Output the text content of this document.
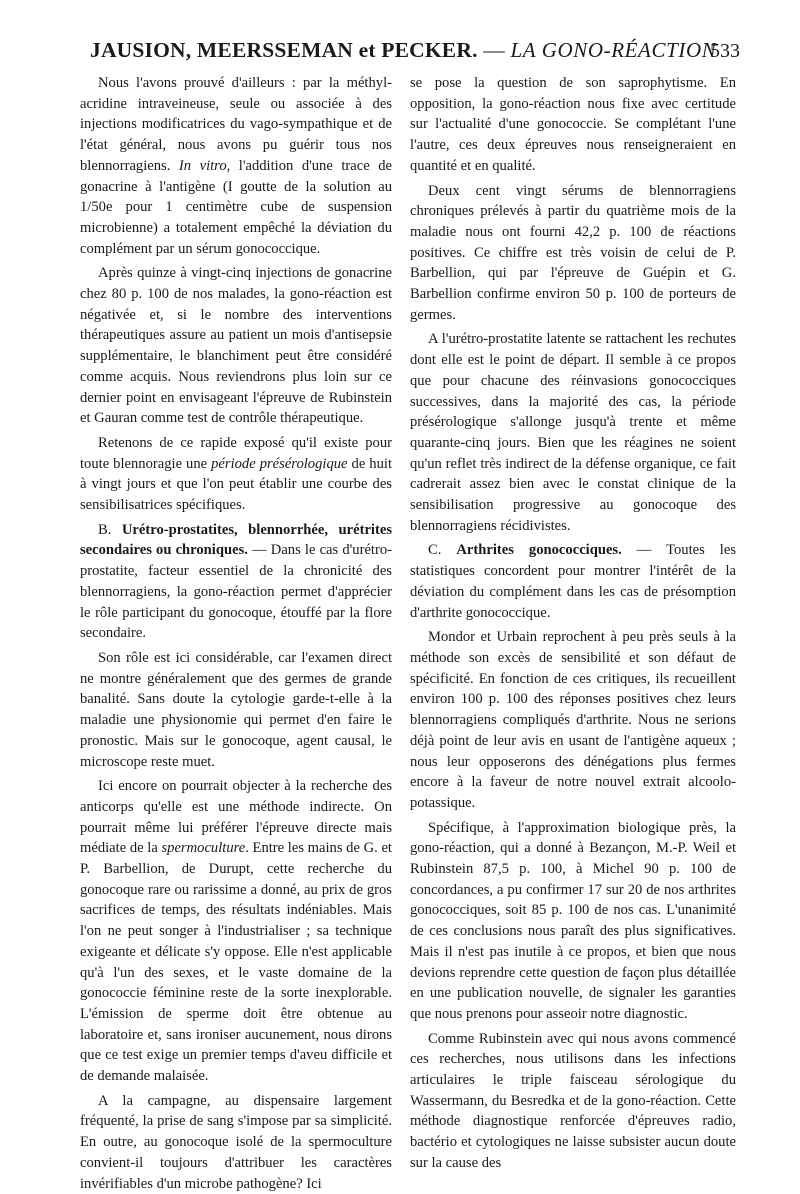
JAUSION, MEERSSEMAN et PECKER. — LA GONO-RÉACTION
533

Nous l'avons prouvé d'ailleurs : par la méthyl-acridine intraveineuse, seule ou associée à des injections modificatrices du vago-sympathique et de l'état général, nous avons pu guérir tous nos blennorragiens. In vitro, l'addition d'une trace de gonacrine à l'antigène (I goutte de la solution au 1/50e pour 1 centimètre cube de suspension microbienne) a totalement empêché la déviation du complément par un sérum gonococcique.

Après quinze à vingt-cinq injections de gonacrine chez 80 p. 100 de nos malades, la gono-réaction est négativée et, si le nombre des interventions thérapeutiques assure au patient un mois d'antisepsie supplémentaire, le blanchiment peut être considéré comme acquis. Nous reviendrons plus loin sur ce dernier point en envisageant l'épreuve de Rubinstein et Gauran comme test de contrôle thérapeutique.

Retenons de ce rapide exposé qu'il existe pour toute blennoragie une période présérologique de huit à vingt jours et que l'on peut établir une courbe des sensibilisatrices spécifiques.

B. Urétro-prostatites, blennorrhée, urétrites secondaires ou chroniques. — Dans le cas d'urétro-prostatite, facteur essentiel de la chronicité des blennorragiens, la gono-réaction permet d'apprécier le rôle participant du gonocoque, étouffé par la flore secondaire.

Son rôle est ici considérable, car l'examen direct ne montre généralement que des germes de grande banalité. Sans doute la cytologie garde-t-elle à la maladie une physionomie qui permet d'en faire le pronostic. Mais sur le gonocoque, agent causal, le microscope reste muet.

Ici encore on pourrait objecter à la recherche des anticorps qu'elle est une méthode indirecte. On pourrait même lui préférer l'épreuve directe mais médiate de la spermoculture. Entre les mains de G. et P. Barbellion, de Durupt, cette recherche du gonocoque rare ou rarissime a donné, au prix de gros sacrifices de temps, des résultats indéniables. Mais l'on ne peut songer à l'industrialiser ; sa technique exigeante et délicate s'y oppose. Elle n'est applicable qu'à l'un des sexes, et le vaste domaine de la gonococcie féminine reste de la sorte inexplorable. L'émission de sperme doit être obtenue au laboratoire et, sans ironiser aucunement, nous dirons que ce test exige un premier temps d'aveu difficile et de demande malaisée.

A la campagne, au dispensaire largement fréquenté, la prise de sang s'impose par sa simplicité. En outre, au gonocoque isolé de la spermoculture convient-il toujours d'attribuer les caractères invérifiables d'un microbe pathogène? Ici

se pose la question de son saprophytisme. En opposition, la gono-réaction nous fixe avec certitude sur l'actualité d'une gonococcie. Se complétant l'une l'autre, ces deux épreuves nous renseigneraient en quantité et en qualité.

Deux cent vingt sérums de blennorragiens chroniques prélevés à partir du quatrième mois de la maladie nous ont fourni 42,2 p. 100 de réactions positives. Ce chiffre est très voisin de celui de P. Barbellion, qui par l'épreuve de Guépin et G. Barbellion confirme environ 50 p. 100 de porteurs de germes.

A l'urétro-prostatite latente se rattachent les rechutes dont elle est le point de départ. Il semble à ce propos que pour chacune des réinvasions gonococciques successives, dans la majorité des cas, la période présérologique s'allonge jusqu'à trente et même quarante-cinq jours. Bien que les réagines ne soient qu'un reflet très indirect de la défense organique, ce fait cadrerait assez bien avec le constat clinique de la sensibilisation progressive au gonocoque des blennorragiens récidivistes.

C. Arthrites gonococciques. — Toutes les statistiques concordent pour montrer l'intérêt de la déviation du complément dans les cas de présomption d'arthrite gonococcique.

Mondor et Urbain reprochent à peu près seuls à la méthode son excès de sensibilité et son défaut de spécificité. En fonction de ces critiques, ils recueillent environ 100 p. 100 des réponses positives chez leurs blennorragiens compliqués d'arthrite. Nous ne serions déjà point de leur avis en usant de l'antigène aqueux ; nous leur opposerons des dénégations plus fermes encore à la faveur de notre nouvel extrait alcoolo-potassique.

Spécifique, à l'approximation biologique près, la gono-réaction, qui a donné à Bezançon, M.-P. Weil et Rubinstein 87,5 p. 100, à Michel 90 p. 100 de concordances, a pu confirmer 17 sur 20 de nos arthrites gonococciques, soit 85 p. 100 de nos cas. L'unanimité de ces conclusions nous paraît des plus significatives. Mais il n'est pas inutile à ce propos, et bien que nous devions reprendre cette question de façon plus détaillée en une publication nouvelle, de signaler les garanties que nous prenons pour asseoir notre diagnostic.

Comme Rubinstein avec qui nous avons commencé ces recherches, nous utilisons dans les infections articulaires le triple faisceau sérologique du Wassermann, du Besredka et de la gono-réaction. Cette méthode diagnostique renforcée d'épreuves radio, bactério et cytologiques ne laisse subsister aucun doute sur la cause des
